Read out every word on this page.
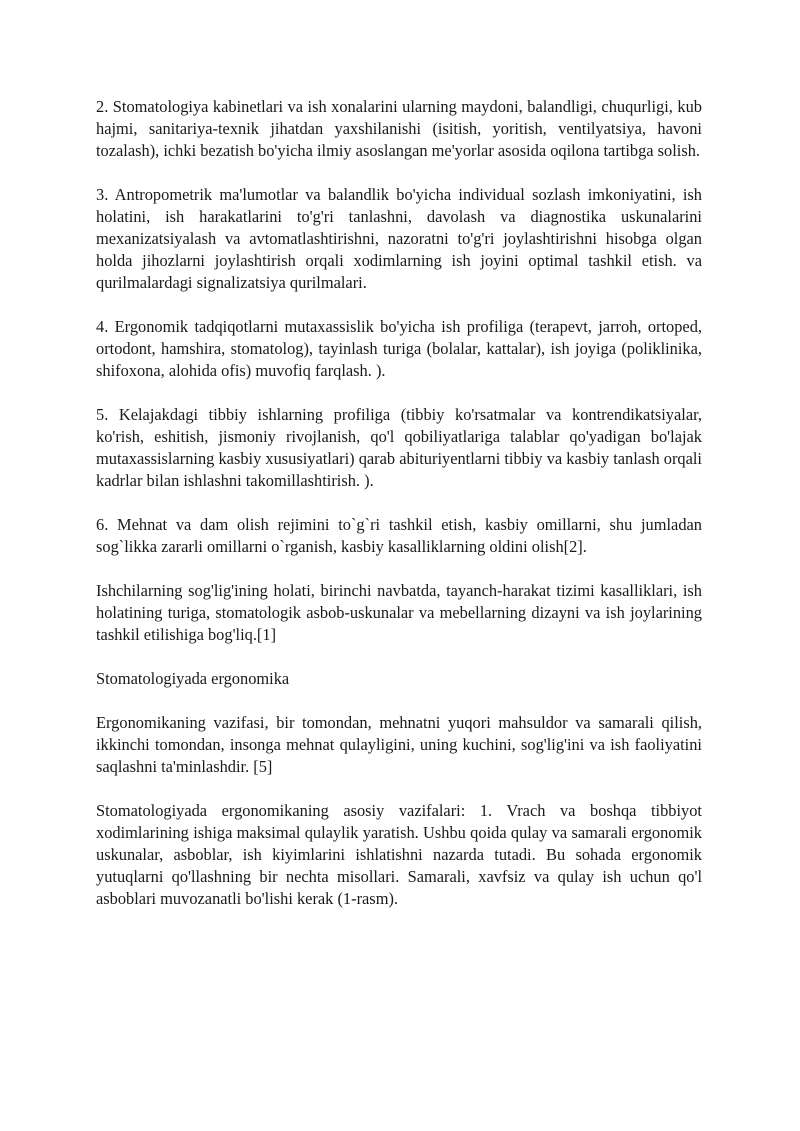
2. Stomatologiya kabinetlari va ish xonalarini ularning maydoni, balandligi, chuqurligi, kub hajmi, sanitariya-texnik jihatdan yaxshilanishi (isitish, yoritish, ventilyatsiya, havoni tozalash), ichki bezatish bo'yicha ilmiy asoslangan me'yorlar asosida oqilona tartibga solish.

3. Antropometrik ma'lumotlar va balandlik bo'yicha individual sozlash imkoniyatini, ish holatini, ish harakatlarini to'g'ri tanlashni, davolash va diagnostika uskunalarini mexanizatsiyalash va avtomatlashtirishni, nazoratni to'g'ri joylashtirishni hisobga olgan holda jihozlarni joylashtirish orqali xodimlarning ish joyini optimal tashkil etish. va qurilmalardagi signalizatsiya qurilmalari.

4. Ergonomik tadqiqotlarni mutaxassislik bo'yicha ish profiliga (terapevt, jarroh, ortoped, ortodont, hamshira, stomatolog), tayinlash turiga (bolalar, kattalar), ish joyiga (poliklinika, shifoxona, alohida ofis) muvofiq farqlash. ).

5. Kelajakdagi tibbiy ishlarning profiliga (tibbiy ko'rsatmalar va kontrendikatsiyalar, ko'rish, eshitish, jismoniy rivojlanish, qo'l qobiliyatlariga talablar qo'yadigan bo'lajak mutaxassislarning kasbiy xususiyatlari) qarab abituriyentlarni tibbiy va kasbiy tanlash orqali kadrlar bilan ishlashni takomillashtirish. ).

6. Mehnat va dam olish rejimini to`g`ri tashkil etish, kasbiy omillarni, shu jumladan sog`likka zararli omillarni o`rganish, kasbiy kasalliklarning oldini olish[2].

Ishchilarning sog'lig'ining holati, birinchi navbatda, tayanch-harakat tizimi kasalliklari, ish holatining turiga, stomatologik asbob-uskunalar va mebellarning dizayni va ish joylarining tashkil etilishiga bog'liq.[1]

Stomatologiyada ergonomika

Ergonomikaning vazifasi, bir tomondan, mehnatni yuqori mahsuldor va samarali qilish, ikkinchi tomondan, insonga mehnat qulayligini, uning kuchini, sog'lig'ini va ish faoliyatini saqlashni ta'minlashdir. [5]

Stomatologiyada ergonomikaning asosiy vazifalari: 1. Vrach va boshqa tibbiyot xodimlarining ishiga maksimal qulaylik yaratish. Ushbu qoida qulay va samarali ergonomik uskunalar, asboblar, ish kiyimlarini ishlatishni nazarda tutadi. Bu sohada ergonomik yutuqlarni qo'llashning bir nechta misollari. Samarali, xavfsiz va qulay ish uchun qo'l asboblari muvozanatli bo'lishi kerak (1-rasm).
